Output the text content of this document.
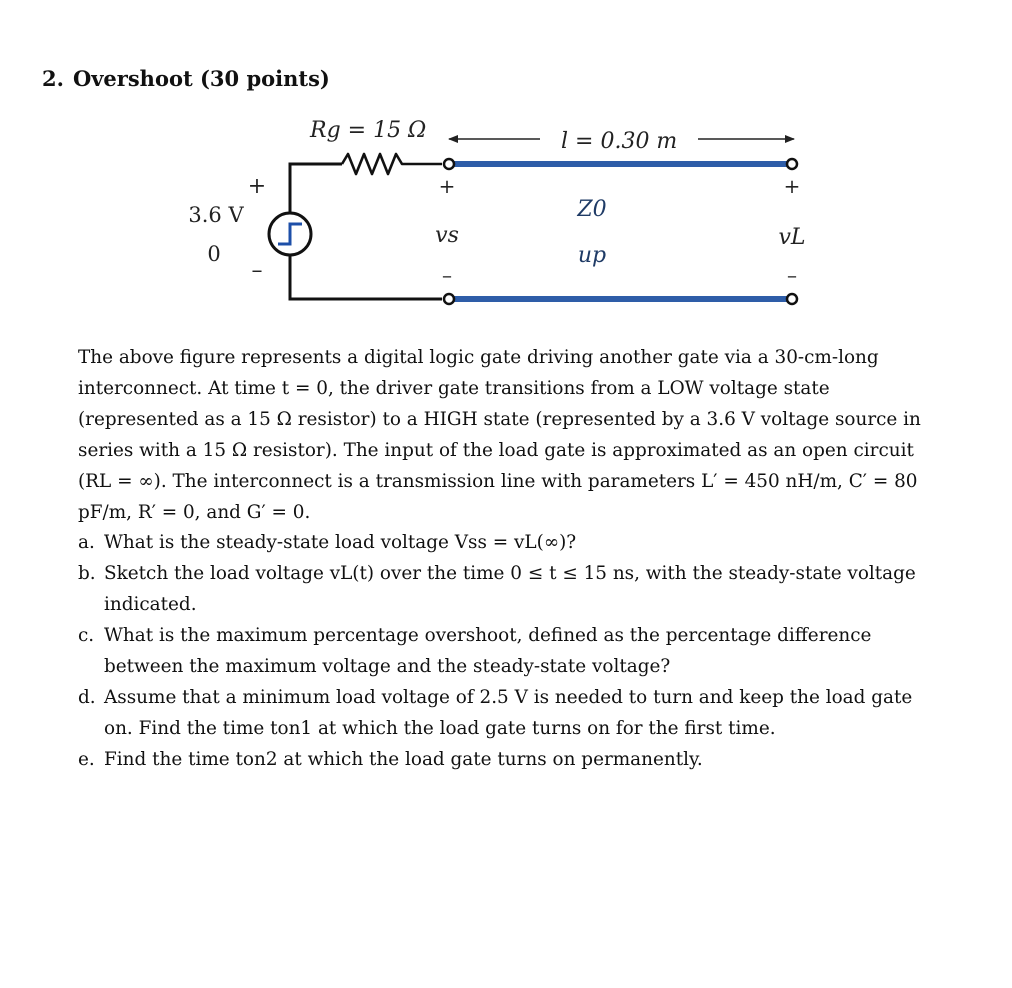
2. Overshoot (30 points)
Rg = 15 Ω	l = 0.30 m
+
3.6 V
0
–
+
vs
–
Z0
up
+
vL
–

The above figure represents a digital logic gate driving another gate via a 30-cm-long interconnect. At time t = 0, the driver gate transitions from a LOW voltage state (represented as a 15 Ω resistor) to a HIGH state (represented by a 3.6 V voltage source in series with a 15 Ω resistor). The input of the load gate is approximated as an open circuit (RL = ∞). The interconnect is a transmission line with parameters L′ = 450 nH/m, C′ = 80 pF/m, R′ = 0, and G′ = 0.

a. What is the steady-state load voltage Vss = vL(∞)?
b. Sketch the load voltage vL(t) over the time 0 ≤ t ≤ 15 ns, with the steady-state voltage indicated.
c. What is the maximum percentage overshoot, defined as the percentage difference between the maximum voltage and the steady-state voltage?
d. Assume that a minimum load voltage of 2.5 V is needed to turn and keep the load gate on. Find the time ton1 at which the load gate turns on for the first time.
e. Find the time ton2 at which the load gate turns on permanently.
